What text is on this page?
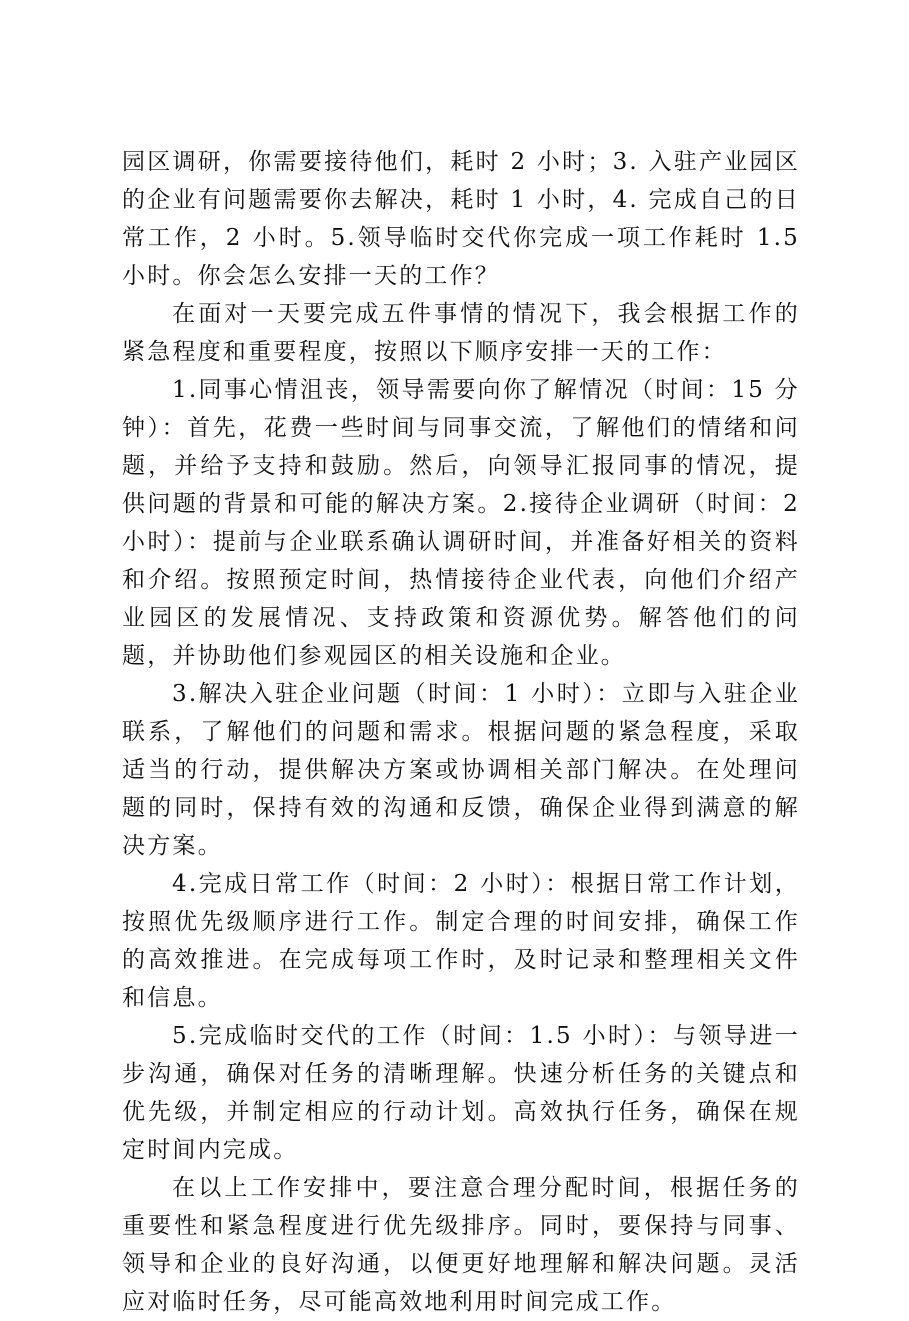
园区调研，你需要接待他们，耗时 2 小时；3. 入驻产业园区的企业有问题需要你去解决，耗时 1 小时，4. 完成自己的日常工作，2 小时。5.领导临时交代你完成一项工作耗时 1.5 小时。你会怎么安排一天的工作？

在面对一天要完成五件事情的情况下，我会根据工作的紧急程度和重要程度，按照以下顺序安排一天的工作：

1.同事心情沮丧，领导需要向你了解情况（时间：15 分钟）：首先，花费一些时间与同事交流，了解他们的情绪和问题，并给予支持和鼓励。然后，向领导汇报同事的情况，提供问题的背景和可能的解决方案。2.接待企业调研（时间：2 小时）：提前与企业联系确认调研时间，并准备好相关的资料和介绍。按照预定时间，热情接待企业代表，向他们介绍产业园区的发展情况、支持政策和资源优势。解答他们的问题，并协助他们参观园区的相关设施和企业。

3.解决入驻企业问题（时间：1 小时）：立即与入驻企业联系，了解他们的问题和需求。根据问题的紧急程度，采取适当的行动，提供解决方案或协调相关部门解决。在处理问题的同时，保持有效的沟通和反馈，确保企业得到满意的解决方案。

4.完成日常工作（时间：2 小时）：根据日常工作计划，按照优先级顺序进行工作。制定合理的时间安排，确保工作的高效推进。在完成每项工作时，及时记录和整理相关文件和信息。

5.完成临时交代的工作（时间：1.5 小时）：与领导进一步沟通，确保对任务的清晰理解。快速分析任务的关键点和优先级，并制定相应的行动计划。高效执行任务，确保在规定时间内完成。

在以上工作安排中，要注意合理分配时间，根据任务的重要性和紧急程度进行优先级排序。同时，要保持与同事、领导和企业的良好沟通，以便更好地理解和解决问题。灵活应对临时任务，尽可能高效地利用时间完成工作。
